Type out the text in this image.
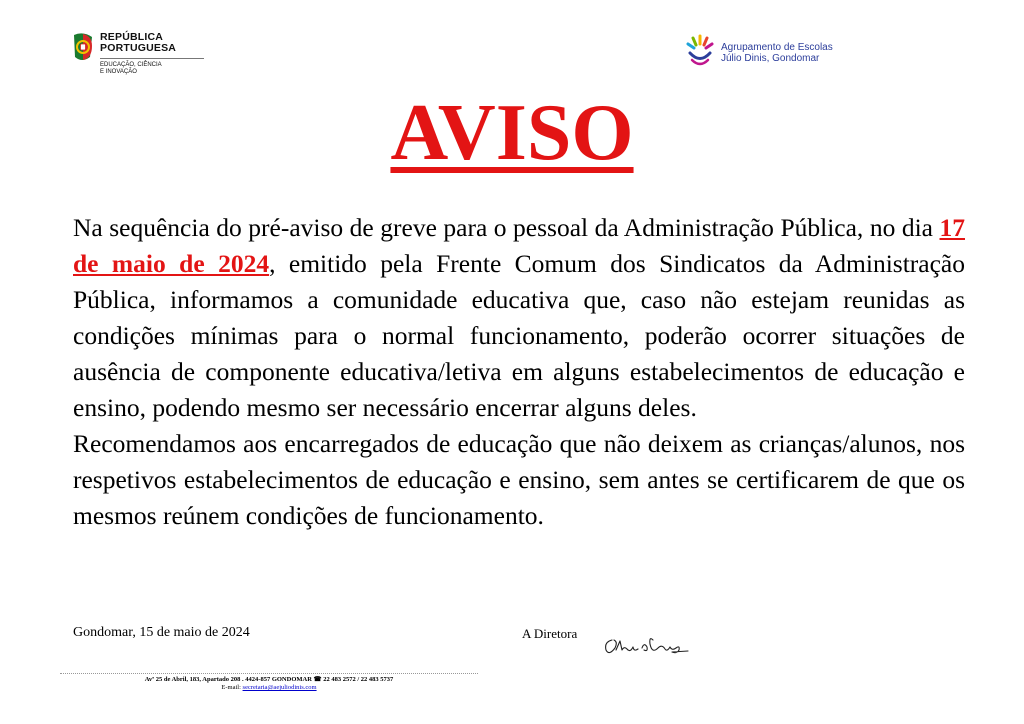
REPÚBLICA
PORTUGUESA
EDUCAÇÃO, CIÊNCIA
E INOVAÇÃO
Agrupamento de Escolas
Júlio Dinis, Gondomar
AVISO

Na sequência do pré-aviso de greve para o pessoal da Administração Pública, no dia 17 de maio de 2024, emitido pela Frente Comum dos Sindicatos da Administração Pública, informamos a comunidade educativa que, caso não estejam reunidas as condições mínimas para o normal funcionamento, poderão ocorrer situações de ausência de componente educativa/letiva em alguns estabelecimentos de educação e ensino, podendo mesmo ser necessário encerrar alguns deles.

Recomendamos aos encarregados de educação que não deixem as crianças/alunos, nos respetivos estabelecimentos de educação e ensino, sem antes se certificarem de que os mesmos reúnem condições de funcionamento.

Gondomar, 15 de maio de 2024	A Diretora
Avª 25 de Abril, 183, Apartado 208 . 4424-857 GONDOMAR ☎ 22 483 2572 / 22 483 5737
E-mail: secretaria@aejuliodinis.com
